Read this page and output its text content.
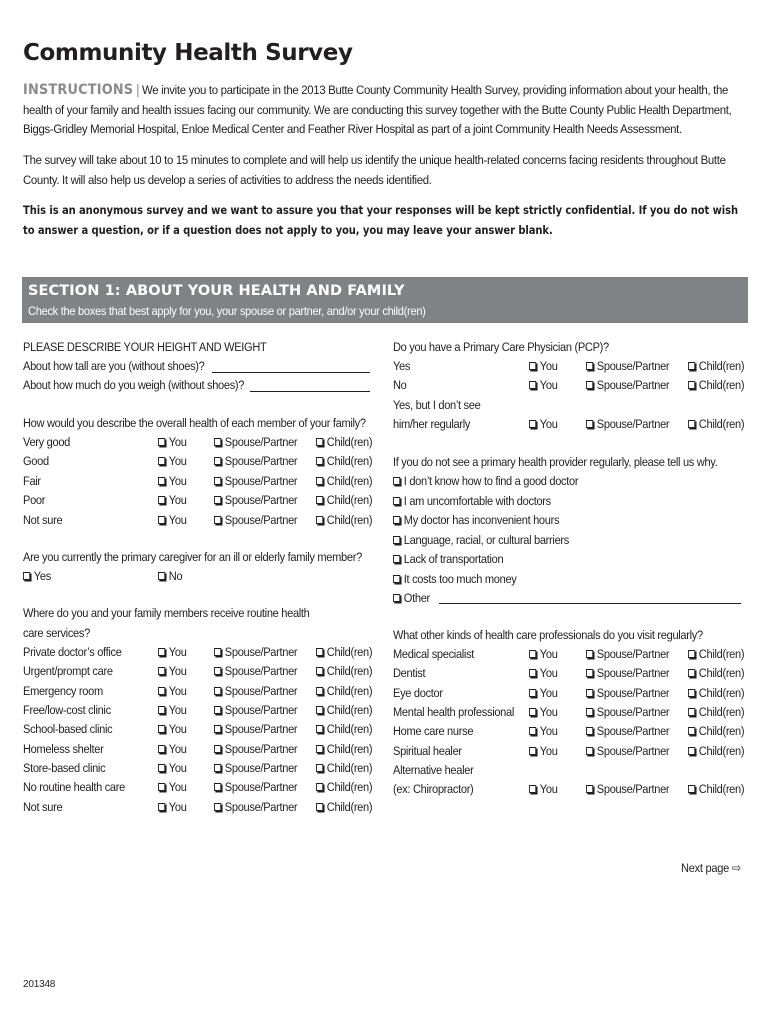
Community Health Survey
INSTRUCTIONS | We invite you to participate in the 2013 Butte County Community Health Survey, providing information about your health, the health of your family and health issues facing our community. We are conducting this survey together with the Butte County Public Health Department, Biggs-Gridley Memorial Hospital, Enloe Medical Center and Feather River Hospital as part of a joint Community Health Needs Assessment.
The survey will take about 10 to 15 minutes to complete and will help us identify the unique health-related concerns facing residents throughout Butte County. It will also help us develop a series of activities to address the needs identified.
This is an anonymous survey and we want to assure you that your responses will be kept strictly confidential. If you do not wish to answer a question, or if a question does not apply to you, you may leave your answer blank.
SECTION 1: ABOUT YOUR HEALTH AND FAMILY
Check the boxes that best apply for you, your spouse or partner, and/or your child(ren)
PLEASE DESCRIBE YOUR HEIGHT AND WEIGHT
About how tall are you (without shoes)?
About how much do you weigh (without shoes)?
How would you describe the overall health of each member of your family?
Very good	You	Spouse/Partner	Child(ren)
Good	You	Spouse/Partner	Child(ren)
Fair	You	Spouse/Partner	Child(ren)
Poor	You	Spouse/Partner	Child(ren)
Not sure	You	Spouse/Partner	Child(ren)
Are you currently the primary caregiver for an ill or elderly family member?
Yes	No
Where do you and your family members receive routine health
care services?
Private doctor’s office	You	Spouse/Partner	Child(ren)
Urgent/prompt care	You	Spouse/Partner	Child(ren)
Emergency room	You	Spouse/Partner	Child(ren)
Free/low-cost clinic	You	Spouse/Partner	Child(ren)
School-based clinic	You	Spouse/Partner	Child(ren)
Homeless shelter	You	Spouse/Partner	Child(ren)
Store-based clinic	You	Spouse/Partner	Child(ren)
No routine health care	You	Spouse/Partner	Child(ren)
Not sure	You	Spouse/Partner	Child(ren)
Do you have a Primary Care Physician (PCP)?
Yes	You	Spouse/Partner	Child(ren)
No	You	Spouse/Partner	Child(ren)
Yes, but I don’t see
him/her regularly	You	Spouse/Partner	Child(ren)
If you do not see a primary health provider regularly, please tell us why.
I don’t know how to find a good doctor
I am uncomfortable with doctors
My doctor has inconvenient hours
Language, racial, or cultural barriers
Lack of transportation
It costs too much money
Other
What other kinds of health care professionals do you visit regularly?
Medical specialist	You	Spouse/Partner	Child(ren)
Dentist	You	Spouse/Partner	Child(ren)
Eye doctor	You	Spouse/Partner	Child(ren)
Mental health professional	You	Spouse/Partner	Child(ren)
Home care nurse	You	Spouse/Partner	Child(ren)
Spiritual healer	You	Spouse/Partner	Child(ren)
Alternative healer
(ex: Chiropractor)	You	Spouse/Partner	Child(ren)
Next page ⇨
201348
